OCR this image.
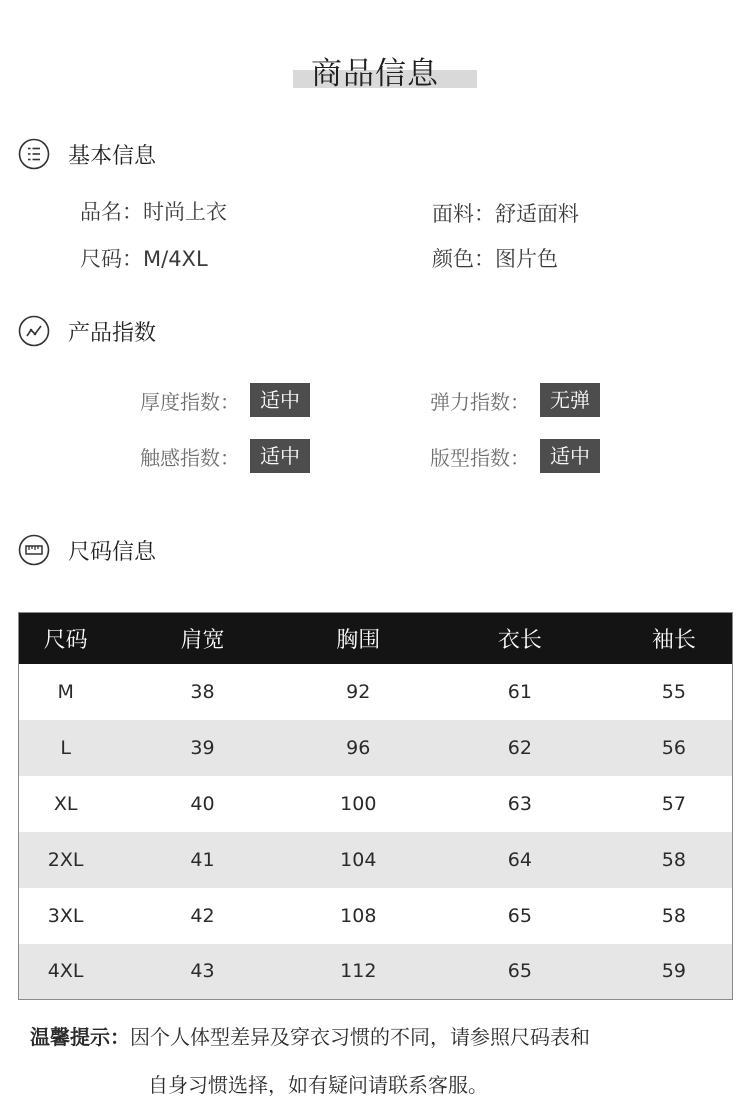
商品信息
基本信息
品名：时尚上衣	面料：舒适面料
尺码：M/4XL	颜色：图片色
产品指数
厚度指数：	适中	弹力指数：	无弹
触感指数：	适中	版型指数：	适中
尺码信息
尺码	肩宽	胸围	衣长	袖长
M	38	92	61	55
L	39	96	62	56
XL	40	100	63	57
2XL	41	104	64	58
3XL	42	108	65	58
4XL	43	112	65	59
温馨提示：因个人体型差异及穿衣习惯的不同，请参照尺码表和
自身习惯选择，如有疑问请联系客服。
